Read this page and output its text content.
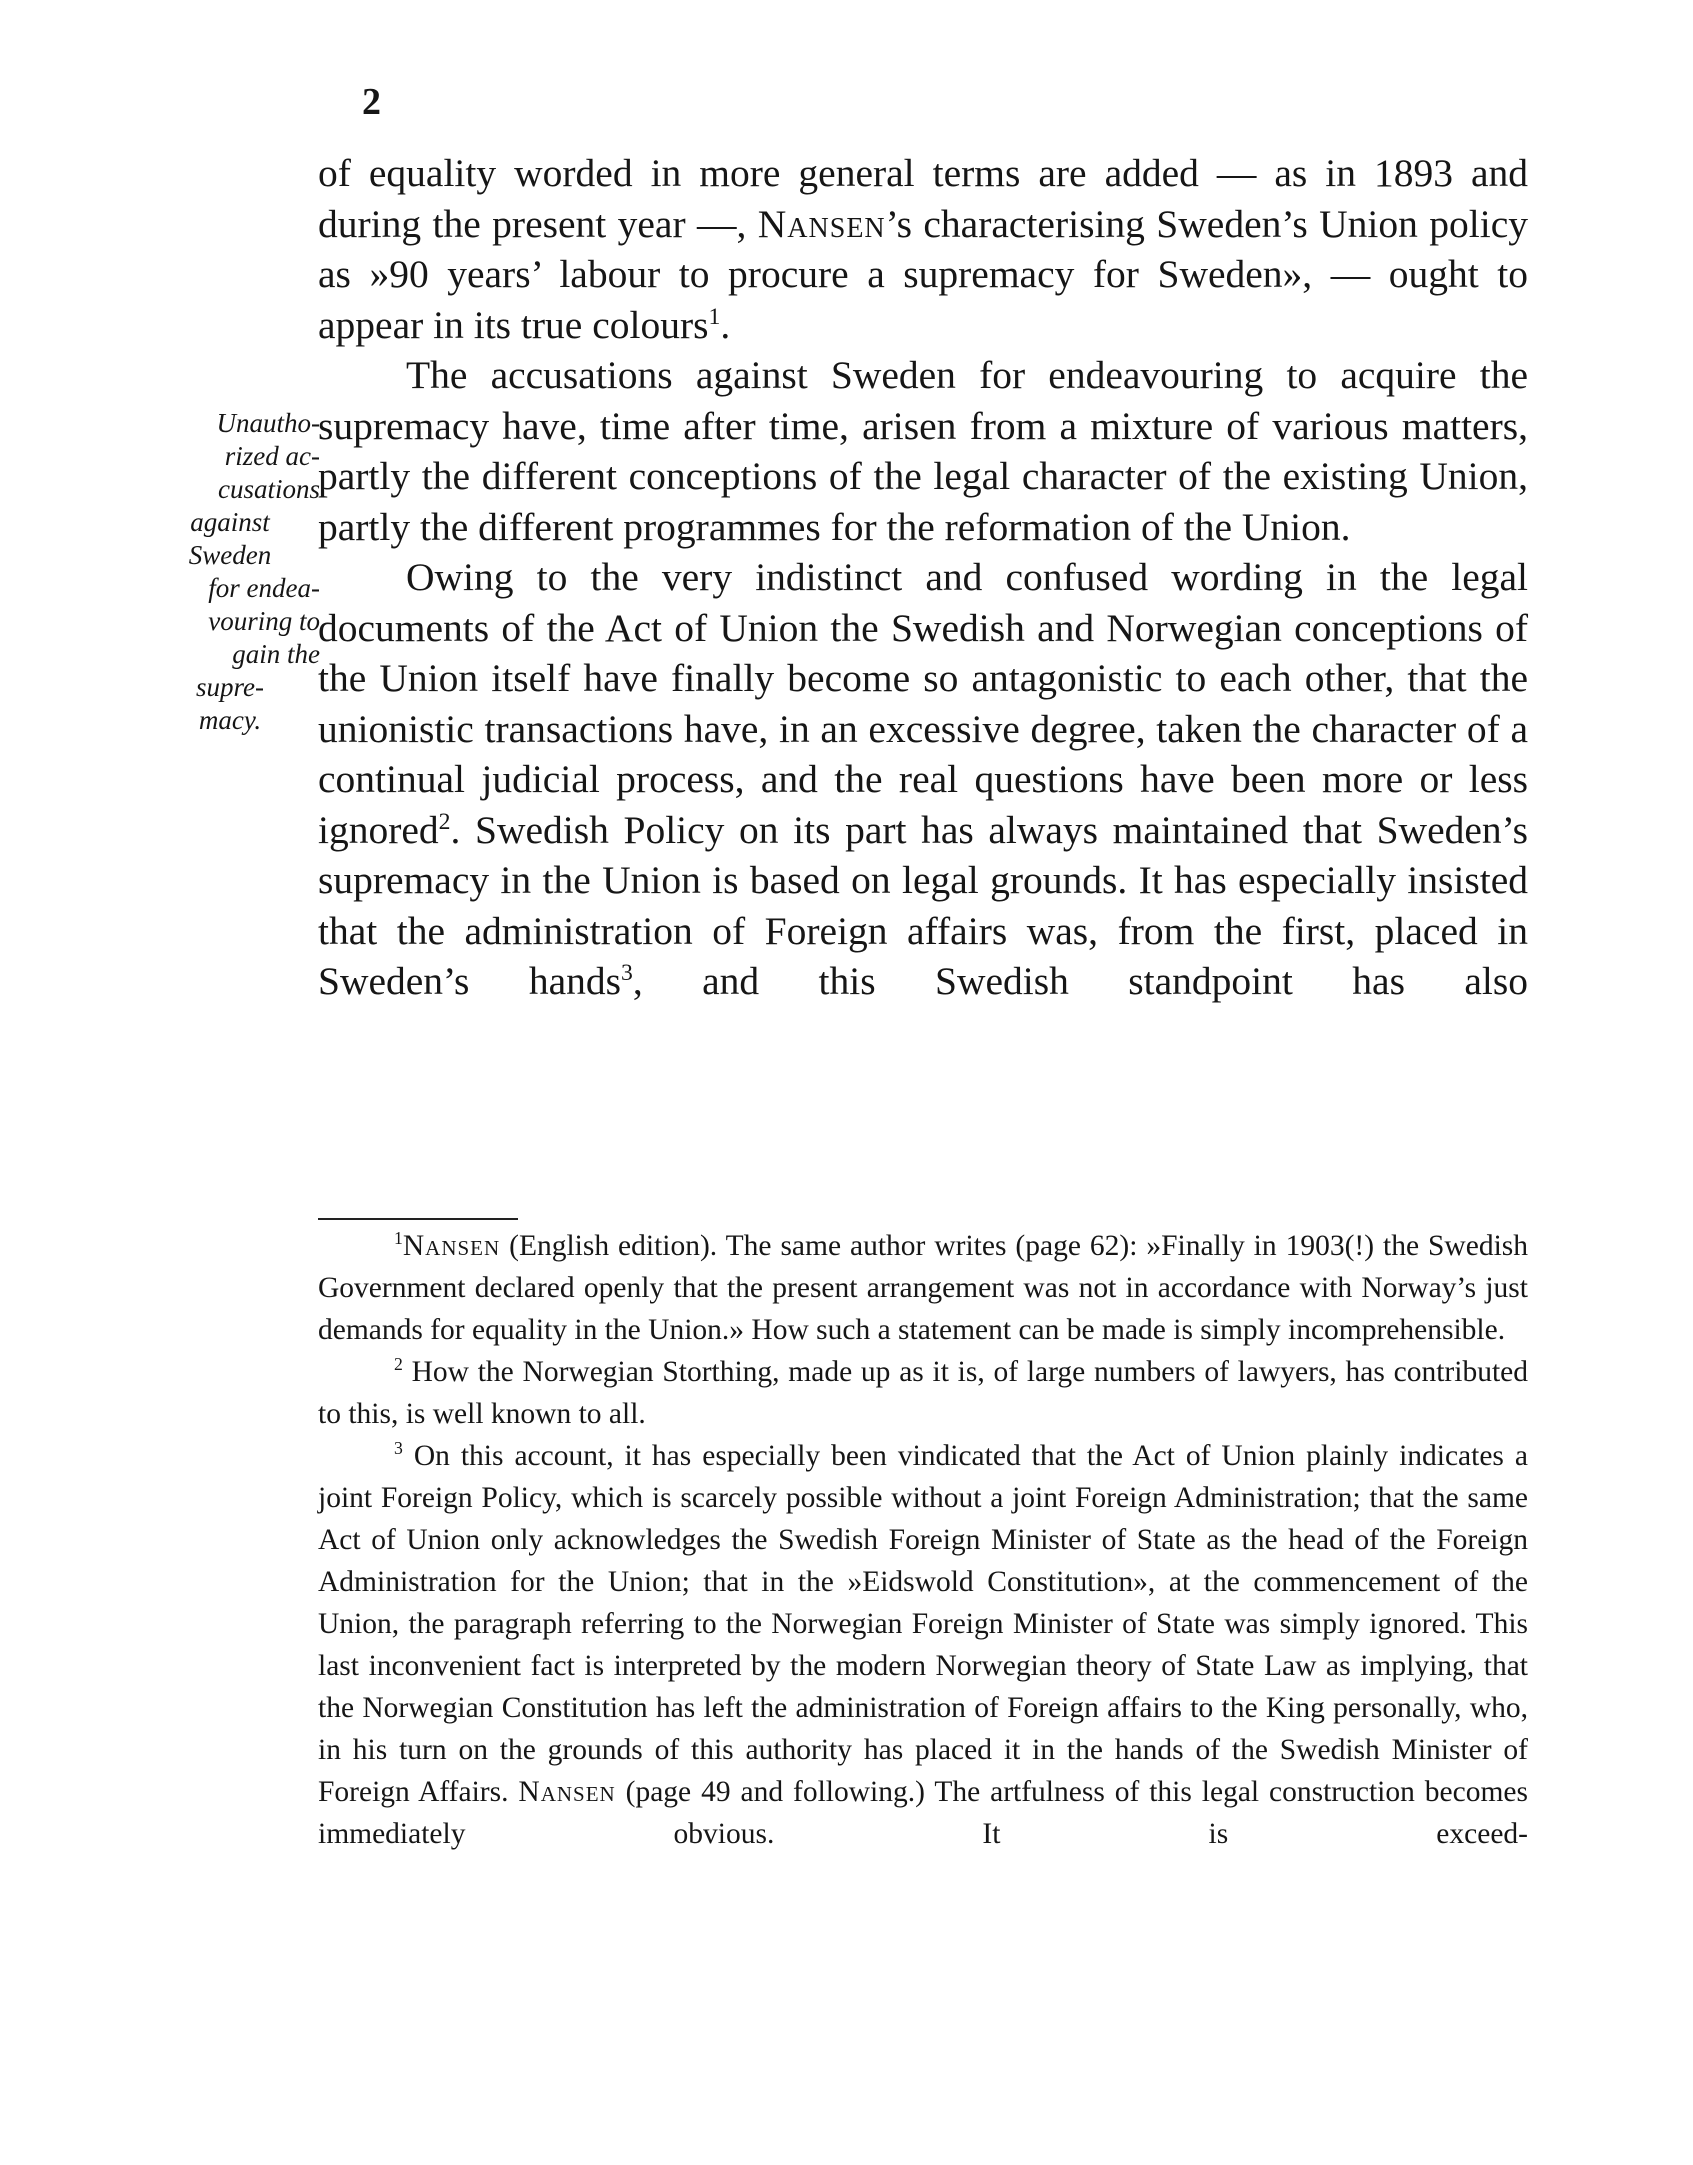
2

of equality worded in more general terms are added — as in 1893 and during the present year —, Nansen’s characterising Sweden’s Union policy as »90 years’ labour to procure a supremacy for Sweden», — ought to appear in its true colours$^1$.

The accusations against Sweden for endeavouring to acquire the supremacy have, time after time, arisen from a mixture of various matters, partly the different conceptions of the legal character of the existing Union, partly the different programmes for the reformation of the Union.

Owing to the very indistinct and confused wording in the legal documents of the Act of Union the Swedish and Norwegian conceptions of the Union itself have finally become so antagonistic to each other, that the unionistic transactions have, in an excessive degree, taken the character of a continual judicial process, and the real questions have been more or less ignored$^2$. Swedish Policy on its part has always maintained that Sweden’s supremacy in the Union is based on legal grounds. It has especially insisted that the administration of Foreign affairs was, from the first, placed in Sweden’s hands$^3$, and this Swedish standpoint has also

Unautho-
rized ac-
cusations
against
Sweden
for endea-
vouring to
gain the
supre-
macy.

$^1$Nansen (English edition). The same author writes (page 62): »Finally in 1903(!) the Swedish Government declared openly that the present arrangement was not in accordance with Norway’s just demands for equality in the Union.» How such a statement can be made is simply incomprehensible.

$^2$ How the Norwegian Storthing, made up as it is, of large numbers of lawyers, has contributed to this, is well known to all.

$^3$ On this account, it has especially been vindicated that the Act of Union plainly indicates a joint Foreign Policy, which is scarcely possible without a joint Foreign Administration; that the same Act of Union only acknowledges the Swedish Foreign Minister of State as the head of the Foreign Administration for the Union; that in the »Eidswold Constitution», at the commencement of the Union, the paragraph referring to the Norwegian Foreign Minister of State was simply ignored. This last inconvenient fact is interpreted by the modern Norwegian theory of State Law as implying, that the Norwegian Constitution has left the administration of Foreign affairs to the King personally, who, in his turn on the grounds of this authority has placed it in the hands of the Swedish Minister of Foreign Affairs. Nansen (page 49 and following.) The artfulness of this legal construction becomes immediately obvious. It is exceed-
